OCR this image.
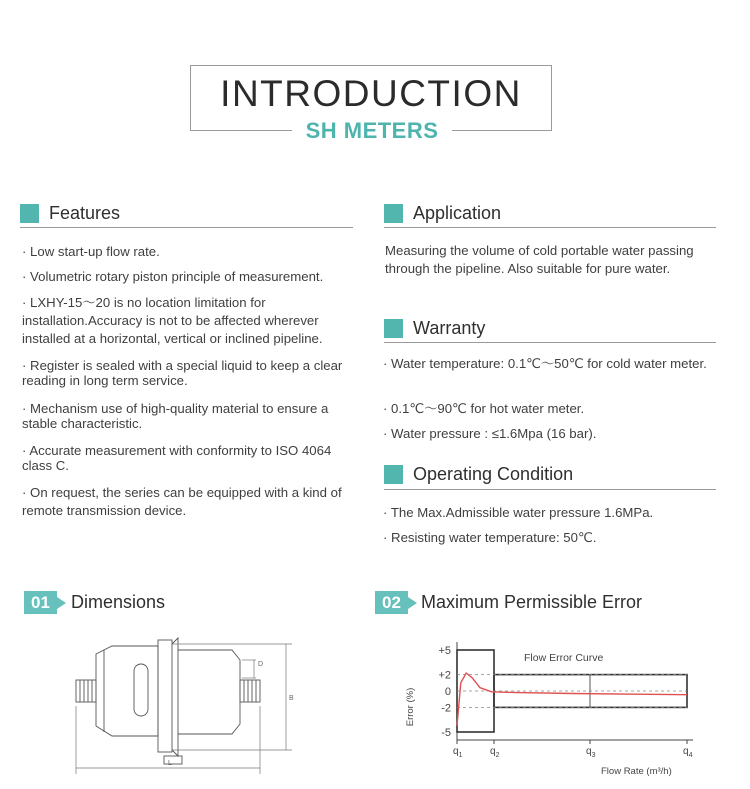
INTRODUCTION
SH METERS
Features
· Low start-up flow rate.
· Volumetric rotary piston principle of measurement.
· LXHY-15～20 is no location limitation for installation.Accuracy is not to be affected wherever installed at a horizontal, vertical or inclined pipeline.
· Register is sealed with a special liquid to keep a clear reading in long term service.
· Mechanism use of high-quality material to ensure a stable characteristic.
· Accurate measurement with conformity to ISO 4064 class C.
· On request, the series can be equipped with a kind of remote transmission device.
Application
Measuring the volume of cold portable water passing through the pipeline. Also suitable for pure water.
Warranty
· Water temperature: 0.1℃～50℃ for cold water meter.
· 0.1℃～90℃ for hot water meter.
· Water pressure : ≤1.6Mpa (16 bar).
Operating Condition
· The Max.Admissible water pressure 1.6MPa.
· Resisting water temperature: 50℃.
01	Dimensions
L
B
D
02	Maximum Permissible Error
+5
+2
0
-2
-5
$q_1$	$q_2$	$q_3$	$q_4$
Error (%)
Flow Rate (m³/h)
Flow Error Curve
